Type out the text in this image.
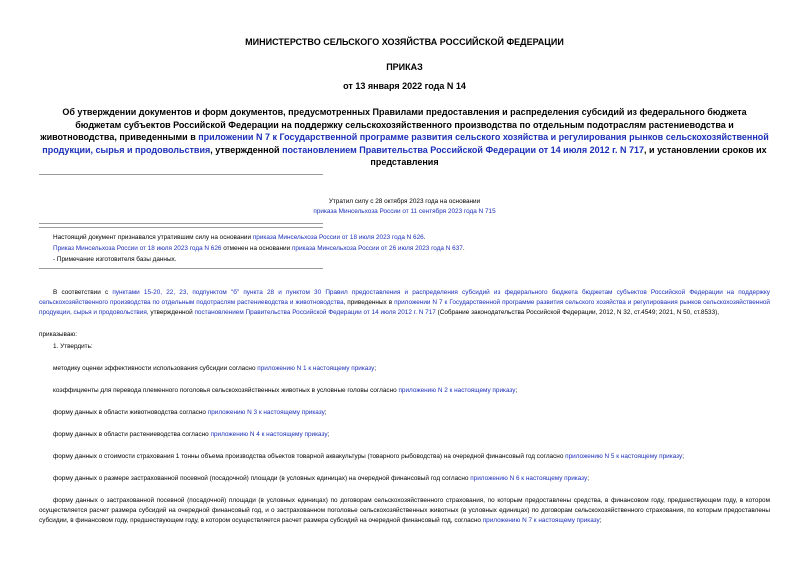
МИНИСТЕРСТВО СЕЛЬСКОГО ХОЗЯЙСТВА РОССИЙСКОЙ ФЕДЕРАЦИИ
ПРИКАЗ
от 13 января 2022 года N 14
Об утверждении документов и форм документов, предусмотренных Правилами предоставления и распределения субсидий из федерального бюджета бюджетам субъектов Российской Федерации на поддержку сельскохозяйственного производства по отдельным подотраслям растениеводства и животноводства, приведенными в приложении N 7 к Государственной программе развития сельского хозяйства и регулирования рынков сельскохозяйственной продукции, сырья и продовольствия, утвержденной постановлением Правительства Российской Федерации от 14 июля 2012 г. N 717, и установлении сроков их представления
Утратил силу с 28 октября 2023 года на основании
приказа Минсельхоза России от 11 сентября 2023 года N 715
Настоящий документ признавался утратившим силу на основании приказа Минсельхоза России от 18 июля 2023 года N 626.
Приказ Минсельхоза России от 18 июля 2023 года N 626 отменен на основании приказа Минсельхоза России от 26 июля 2023 года N 637.
- Примечание изготовителя базы данных.
В соответствии с пунктами 15-20, 22, 23, подпунктом "б" пункта 28 и пунктом 30 Правил предоставления и распределения субсидий из федерального бюджета бюджетам субъектов Российской Федерации на поддержку сельскохозяйственного производства по отдельным подотраслям растениеводства и животноводства, приведенных в приложении N 7 к Государственной программе развития сельского хозяйства и регулирования рынков сельскохозяйственной продукции, сырья и продовольствия, утвержденной постановлением Правительства Российской Федерации от 14 июля 2012 г. N 717 (Собрание законодательства Российской Федерации, 2012, N 32, ст.4549; 2021, N 50, ст.8533),
приказываю:
1. Утвердить:
методику оценки эффективности использования субсидии согласно приложению N 1 к настоящему приказу;
коэффициенты для перевода племенного поголовья сельскохозяйственных животных в условные головы согласно приложению N 2 к настоящему приказу;
форму данных в области животноводства согласно приложению N 3 к настоящему приказу;
форму данных в области растениеводства согласно приложению N 4 к настоящему приказу;
форму данных о стоимости страхования 1 тонны объема производства объектов товарной аквакультуры (товарного рыбоводства) на очередной финансовый год согласно приложению N 5 к настоящему приказу;
форму данных о размере застрахованной посевной (посадочной) площади (в условных единицах) на очередной финансовый год согласно приложению N 6 к настоящему приказу;
форму данных о застрахованной посевной (посадочной) площади (в условных единицах) по договорам сельскохозяйственного страхования, по которым предоставлены средства, в финансовом году, предшествующем году, в котором осуществляется расчет размера субсидий на очередной финансовый год, и о застрахованном поголовье сельскохозяйственных животных (в условных единицах) по договорам сельскохозяйственного страхования, по которым предоставлены субсидии, в финансовом году, предшествующем году, в котором осуществляется расчет размера субсидий на очередной финансовый год, согласно приложению N 7 к настоящему приказу;
